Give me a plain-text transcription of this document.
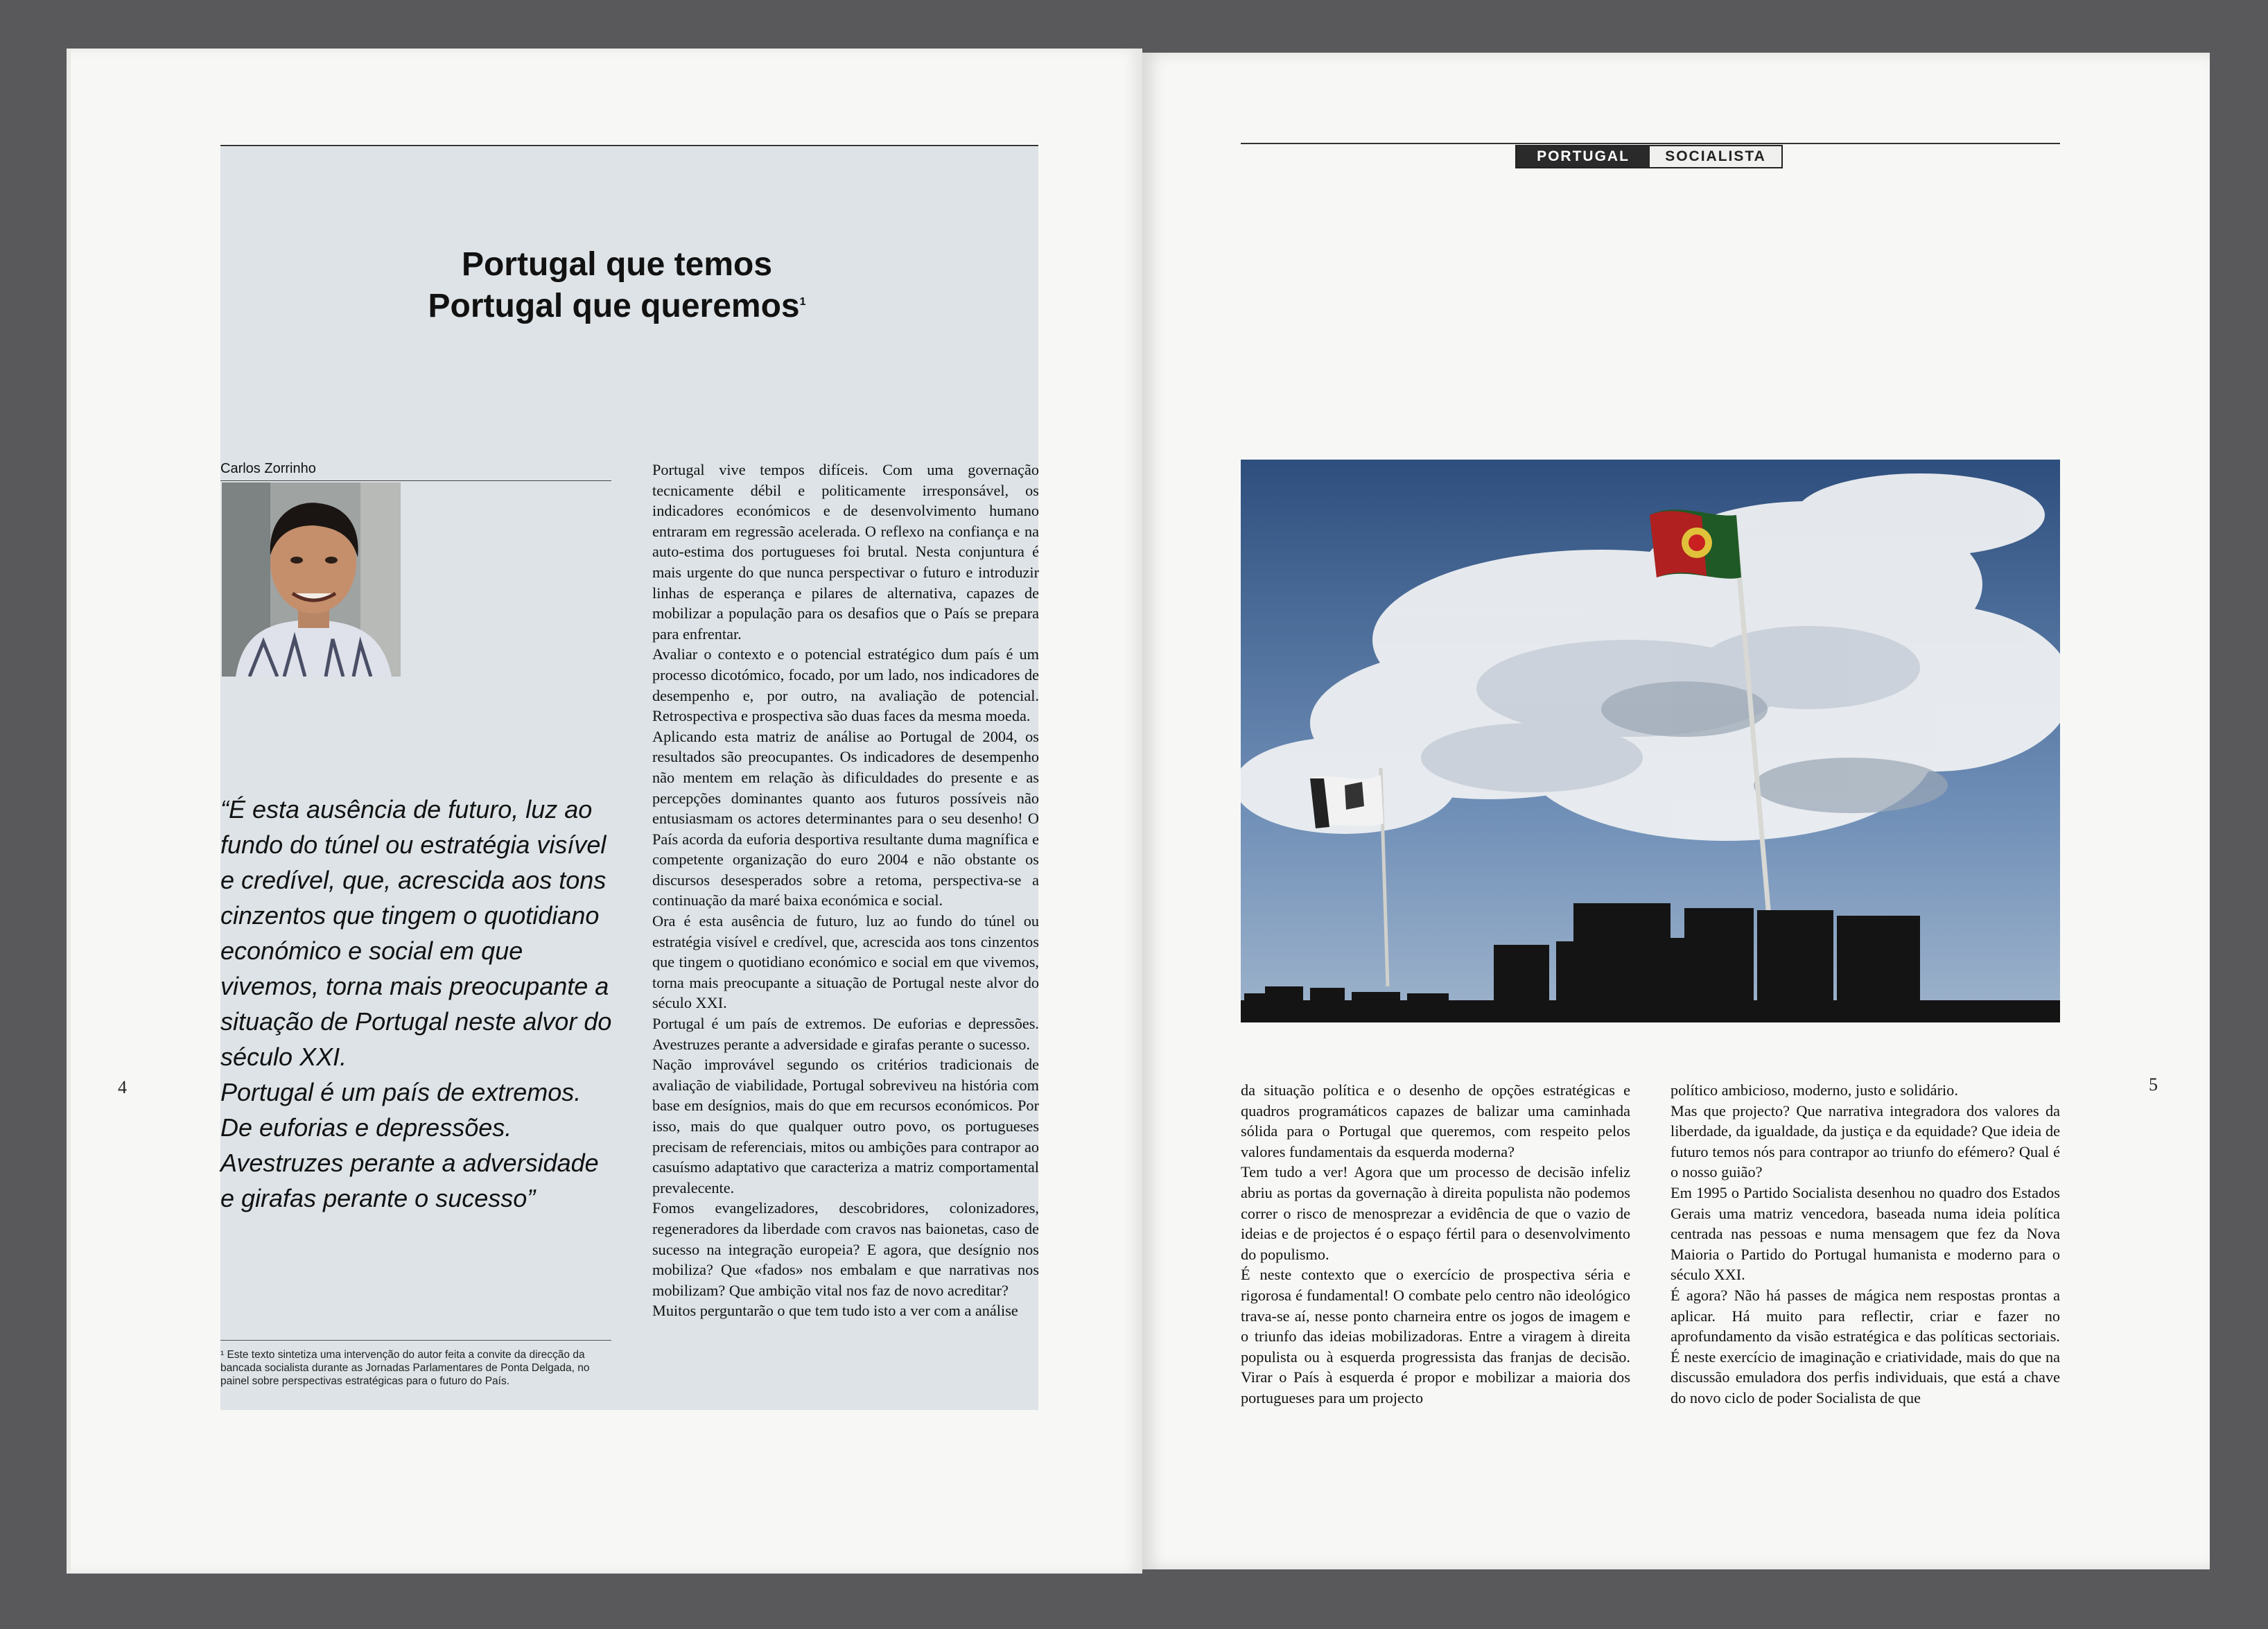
Portugal que temos
Portugal que queremos$^1$
Carlos Zorrinho

“É esta ausência de futuro, luz ao fundo do túnel ou estratégia visível e credível, que, acrescida aos tons cinzentos que tingem o quotidiano económico e social em que vivemos, torna mais preocupante a situação de Portugal neste alvor do século XXI.

Portugal é um país de extremos. De euforias e depressões. Avestruzes perante a adversidade e girafas perante o sucesso”

¹ Este texto sintetiza uma intervenção do autor feita a convite da direcção da bancada socialista durante as Jornadas Parlamentares de Ponta Delgada, no painel sobre perspectivas estratégicas para o futuro do País.

Portugal vive tempos difíceis. Com uma governação tecnicamente débil e politicamente irresponsável, os indicadores económicos e de desenvolvimento humano entraram em regressão acelerada. O reflexo na confiança e na auto-estima dos portugueses foi brutal. Nesta conjuntura é mais urgente do que nunca perspectivar o futuro e introduzir linhas de esperança e pilares de alternativa, capazes de mobilizar a população para os desafios que o País se prepara para enfrentar.

Avaliar o contexto e o potencial estratégico dum país é um processo dicotómico, focado, por um lado, nos indicadores de desempenho e, por outro, na avaliação de potencial. Retrospectiva e prospectiva são duas faces da mesma moeda.

Aplicando esta matriz de análise ao Portugal de 2004, os resultados são preocupantes. Os indicadores de desempenho não mentem em relação às dificuldades do presente e as percepções dominantes quanto aos futuros possíveis não entusiasmam os actores determinantes para o seu desenho! O País acorda da euforia desportiva resultante duma magnífica e competente organização do euro 2004 e não obstante os discursos desesperados sobre a retoma, perspectiva-se a continuação da maré baixa económica e social.

Ora é esta ausência de futuro, luz ao fundo do túnel ou estratégia visível e credível, que, acrescida aos tons cinzentos que tingem o quotidiano económico e social em que vivemos, torna mais preocupante a situação de Portugal neste alvor do século XXI.

Portugal é um país de extremos. De euforias e depressões. Avestruzes perante a adversidade e girafas perante o sucesso.

Nação improvável segundo os critérios tradicionais de avaliação de viabilidade, Portugal sobreviveu na história com base em desígnios, mais do que em recursos económicos. Por isso, mais do que qualquer outro povo, os portugueses precisam de referenciais, mitos ou ambições para contrapor ao casuísmo adaptativo que caracteriza a matriz comportamental prevalecente.

Fomos evangelizadores, descobridores, colonizadores, regeneradores da liberdade com cravos nas baionetas, caso de sucesso na integração europeia? E agora, que desígnio nos mobiliza? Que «fados» nos embalam e que narrativas nos mobilizam? Que ambição vital nos faz de novo acreditar?

Muitos perguntarão o que tem tudo isto a ver com a análise

4
PORTUGAL	SOCIALISTA

da situação política e o desenho de opções estratégicas e quadros programáticos capazes de balizar uma caminhada sólida para o Portugal que queremos, com respeito pelos valores fundamentais da esquerda moderna?

Tem tudo a ver! Agora que um processo de decisão infeliz abriu as portas da governação à direita populista não podemos correr o risco de menosprezar a evidência de que o vazio de ideias e de projectos é o espaço fértil para o desenvolvimento do populismo.

É neste contexto que o exercício de prospectiva séria e rigorosa é fundamental! O combate pelo centro não ideológico trava-se aí, nesse ponto charneira entre os jogos de imagem e o triunfo das ideias mobilizadoras. Entre a viragem à direita populista ou à esquerda progressista das franjas de decisão. Virar o País à esquerda é propor e mobilizar a maioria dos portugueses para um projecto

político ambicioso, moderno, justo e solidário.

Mas que projecto? Que narrativa integradora dos valores da liberdade, da igualdade, da justiça e da equidade? Que ideia de futuro temos nós para contrapor ao triunfo do efémero? Qual é o nosso guião?

Em 1995 o Partido Socialista desenhou no quadro dos Estados Gerais uma matriz vencedora, baseada numa ideia política centrada nas pessoas e numa mensagem que fez da Nova Maioria o Partido do Portugal humanista e moderno para o século XXI.

É agora? Não há passes de mágica nem respostas prontas a aplicar. Há muito para reflectir, criar e fazer no aprofundamento da visão estratégica e das políticas sectoriais. É neste exercício de imaginação e criatividade, mais do que na discussão emuladora dos perfis individuais, que está a chave do novo ciclo de poder Socialista de que

5
